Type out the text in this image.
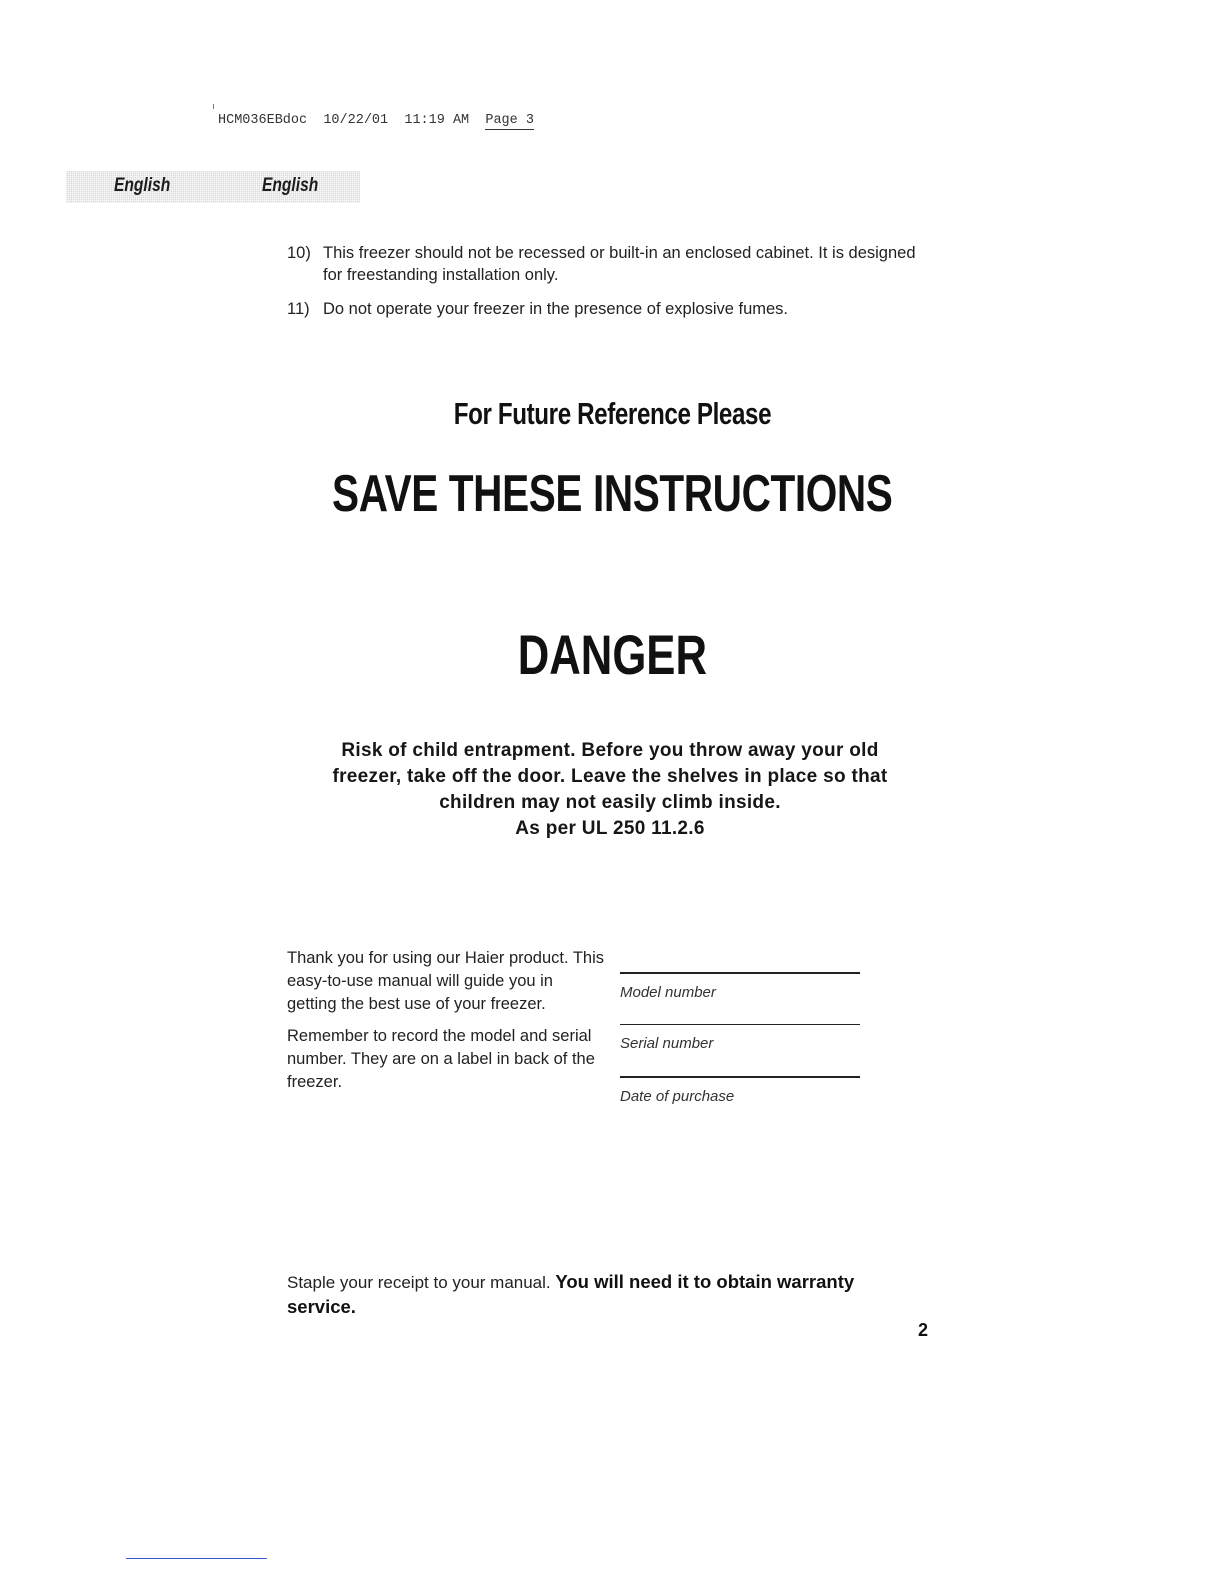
HCM036EBdoc 10/22/01 11:19 AM Page 3
English	English
10) This freezer should not be recessed or built-in an enclosed cabinet. It is designed for freestanding installation only.
11) Do not operate your freezer in the presence of explosive fumes.
For Future Reference Please
SAVE THESE INSTRUCTIONS
DANGER
Risk of child entrapment. Before you throw away your old
freezer, take off the door. Leave the shelves in place so that
children may not easily climb inside.
As per UL 250 11.2.6

Thank you for using our Haier product. This easy-to-use manual will guide you in getting the best use of your freezer.

Remember to record the model and serial number. They are on a label in back of the freezer.

Model number
Serial number
Date of purchase
Staple your receipt to your manual. You will need it to obtain warranty service.
2
